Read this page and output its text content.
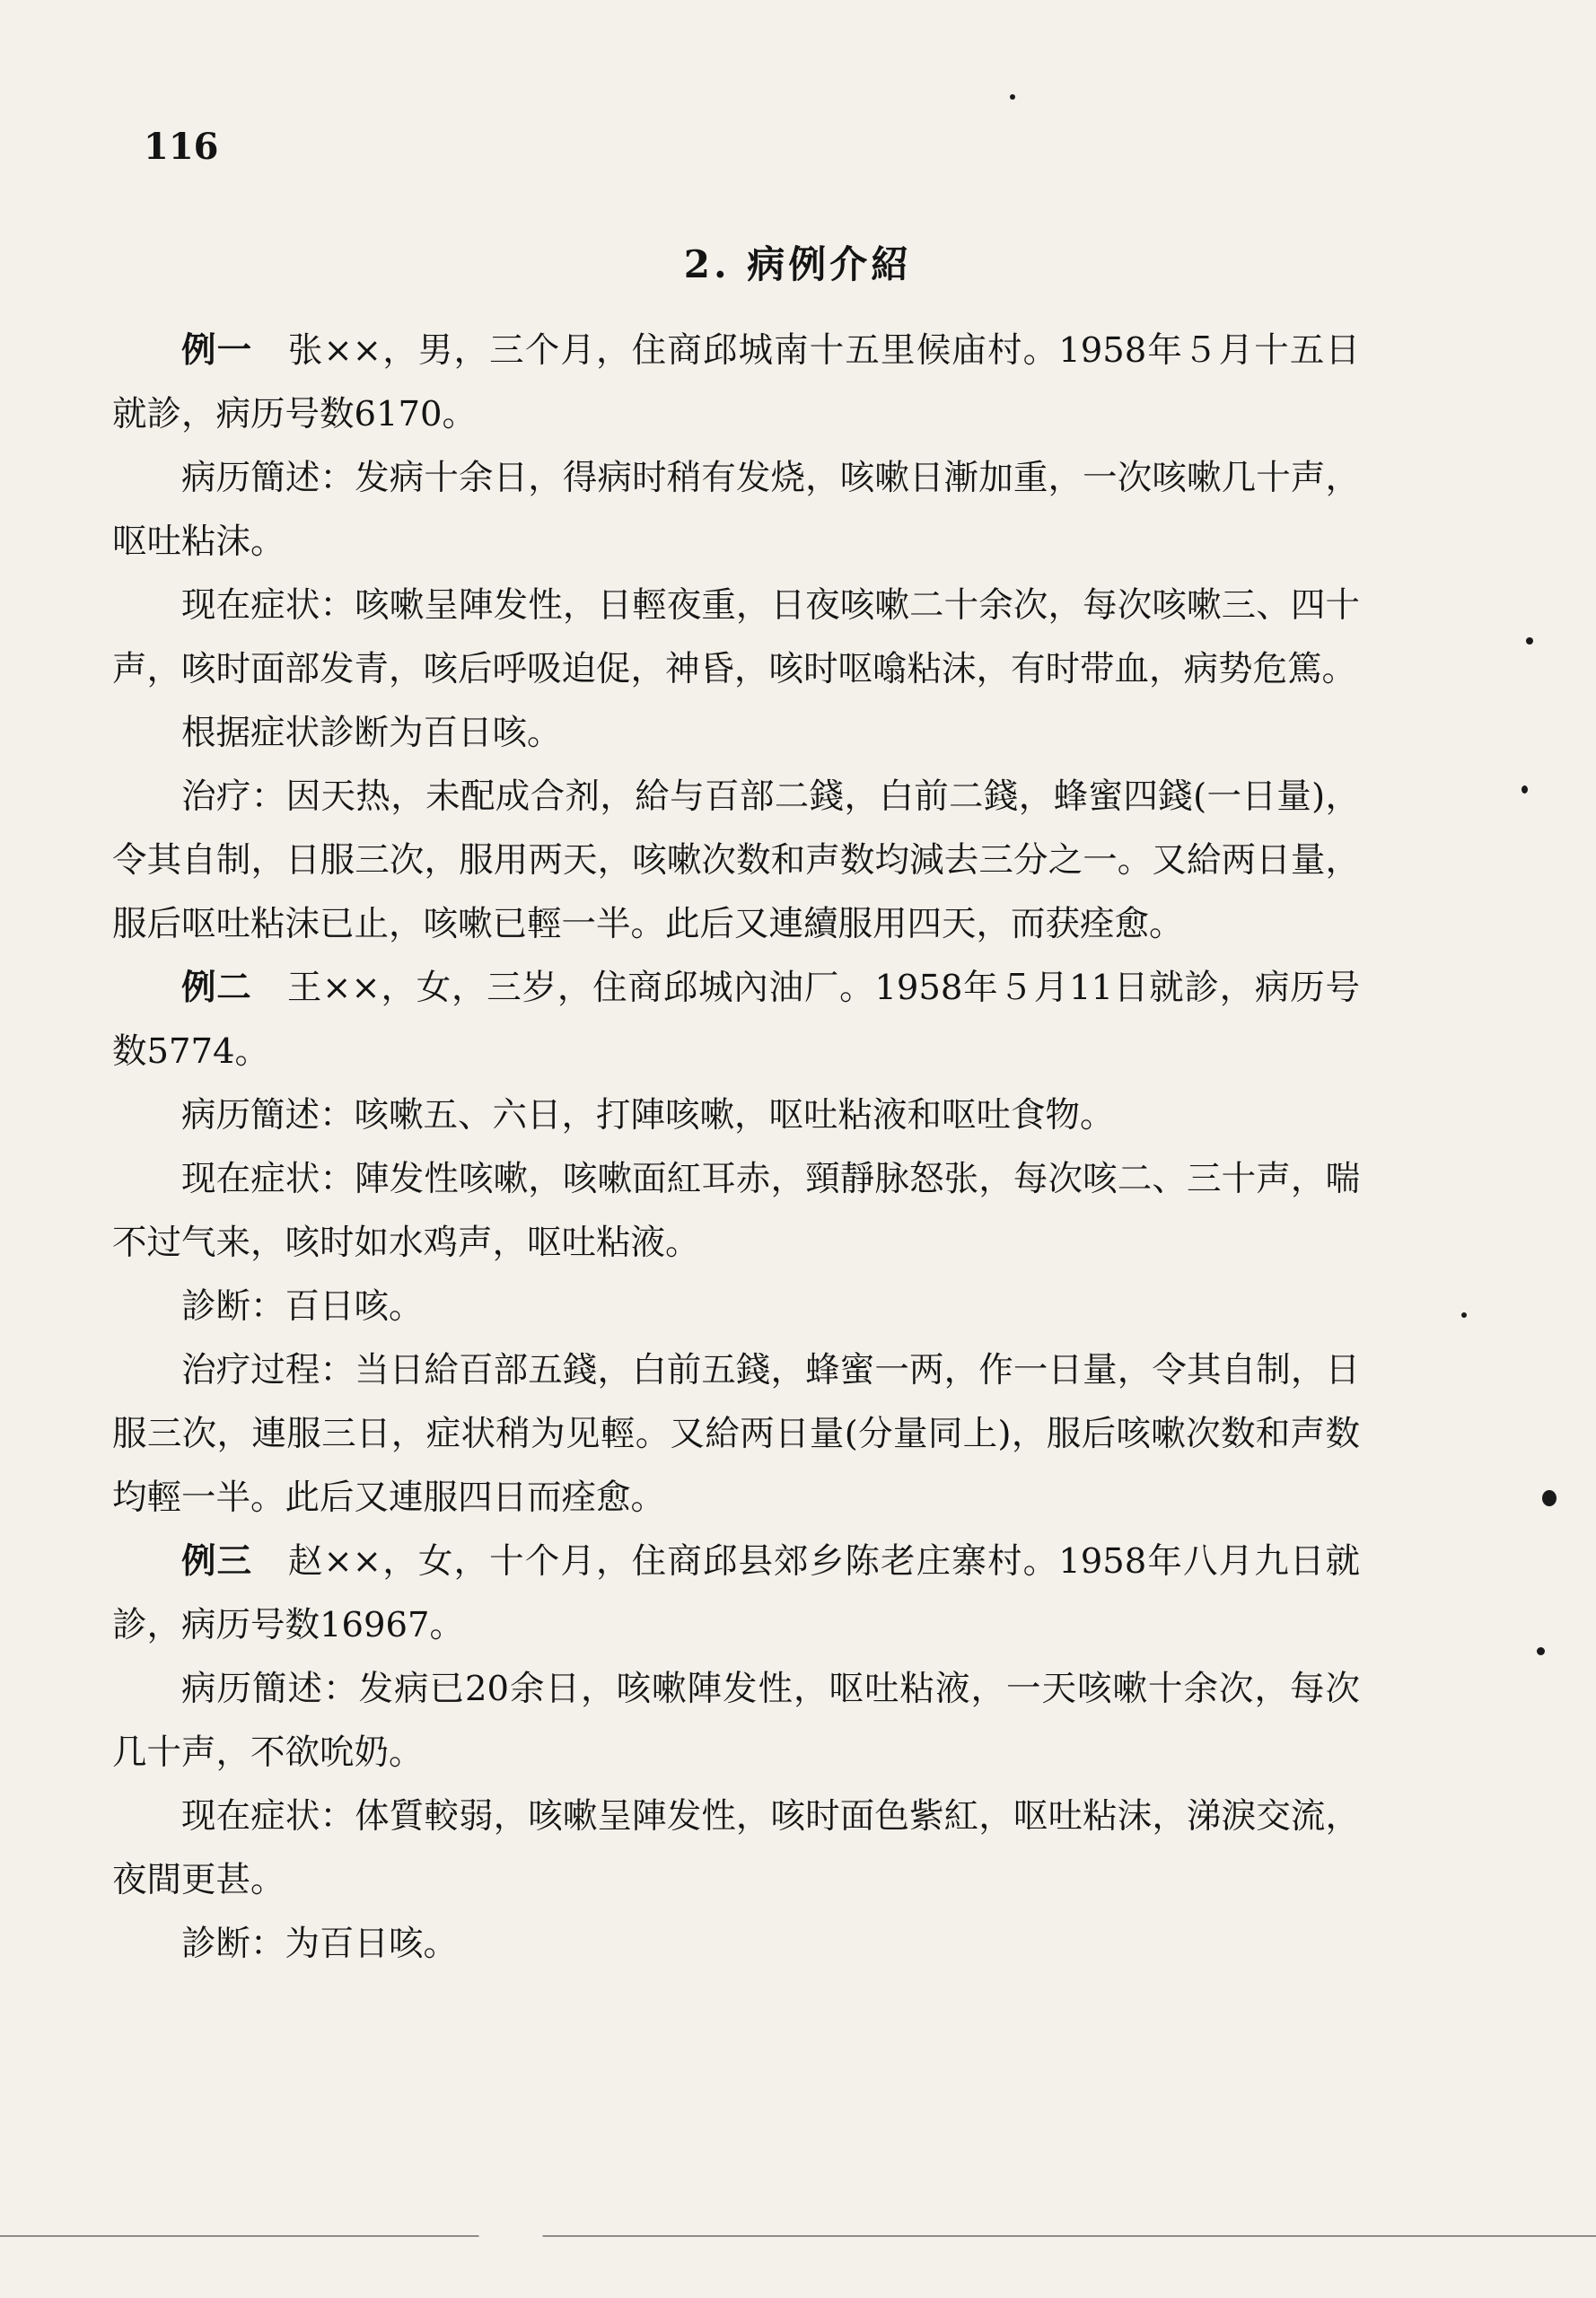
116
2. 病例介紹

例一　张××，男，三个月，住商邱城南十五里候庙村。1958年５月十五日就診，病历号数6170。

病历簡述：发病十余日，得病时稍有发烧，咳嗽日漸加重，一次咳嗽几十声，呕吐粘沫。

现在症状：咳嗽呈陣发性，日輕夜重，日夜咳嗽二十余次，每次咳嗽三、四十声，咳时面部发青，咳后呼吸迫促，神昏，咳时呕噏粘沫，有时带血，病势危篤。

根据症状診断为百日咳。

治疗：因天热，未配成合剂，給与百部二錢，白前二錢，蜂蜜四錢(一日量)，令其自制，日服三次，服用两天，咳嗽次数和声数均減去三分之一。又給两日量，服后呕吐粘沫已止，咳嗽已輕一半。此后又連續服用四天，而获痊愈。

例二　王××，女，三岁，住商邱城內油厂。1958年５月11日就診，病历号数5774。

病历簡述：咳嗽五、六日，打陣咳嗽，呕吐粘液和呕吐食物。

现在症状：陣发性咳嗽，咳嗽面紅耳赤，頸靜脉怒张，每次咳二、三十声，喘不过气来，咳时如水鸡声，呕吐粘液。

診断：百日咳。

治疗过程：当日給百部五錢，白前五錢，蜂蜜一两，作一日量，令其自制，日服三次，連服三日，症状稍为见輕。又給两日量(分量同上)，服后咳嗽次数和声数均輕一半。此后又連服四日而痊愈。

例三　赵××，女，十个月，住商邱县郊乡陈老庄寨村。1958年八月九日就診，病历号数16967。

病历簡述：发病已20余日，咳嗽陣发性，呕吐粘液，一天咳嗽十余次，每次几十声，不欲吮奶。

现在症状：体質較弱，咳嗽呈陣发性，咳时面色紫紅，呕吐粘沫，涕淚交流，夜間更甚。

診断：为百日咳。
